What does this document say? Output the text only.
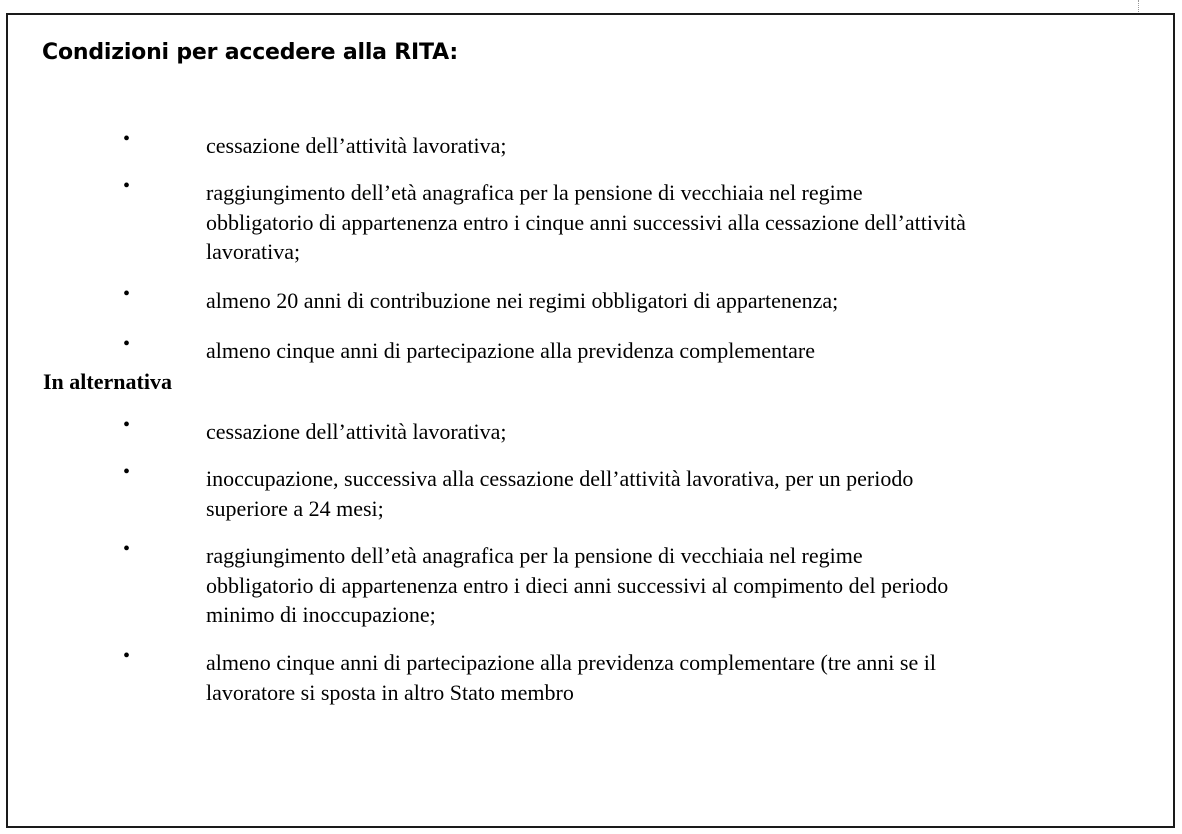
Condizioni per accedere alla RITA:
•	cessazione dell’attività lavorativa;
•	raggiungimento dell’età anagrafica per la pensione di vecchiaia nel regime
obbligatorio di appartenenza entro i cinque anni successivi alla cessazione dell’attività
lavorativa;
•	almeno 20 anni di contribuzione nei regimi obbligatori di appartenenza;
•	almeno cinque anni di partecipazione alla previdenza complementare
In alternativa
•	cessazione dell’attività lavorativa;
•	inoccupazione, successiva alla cessazione dell’attività lavorativa, per un periodo
superiore a 24 mesi;
•	raggiungimento dell’età anagrafica per la pensione di vecchiaia nel regime
obbligatorio di appartenenza entro i dieci anni successivi al compimento del periodo
minimo di inoccupazione;
•	almeno cinque anni di partecipazione alla previdenza complementare (tre anni se il
lavoratore si sposta in altro Stato membro
